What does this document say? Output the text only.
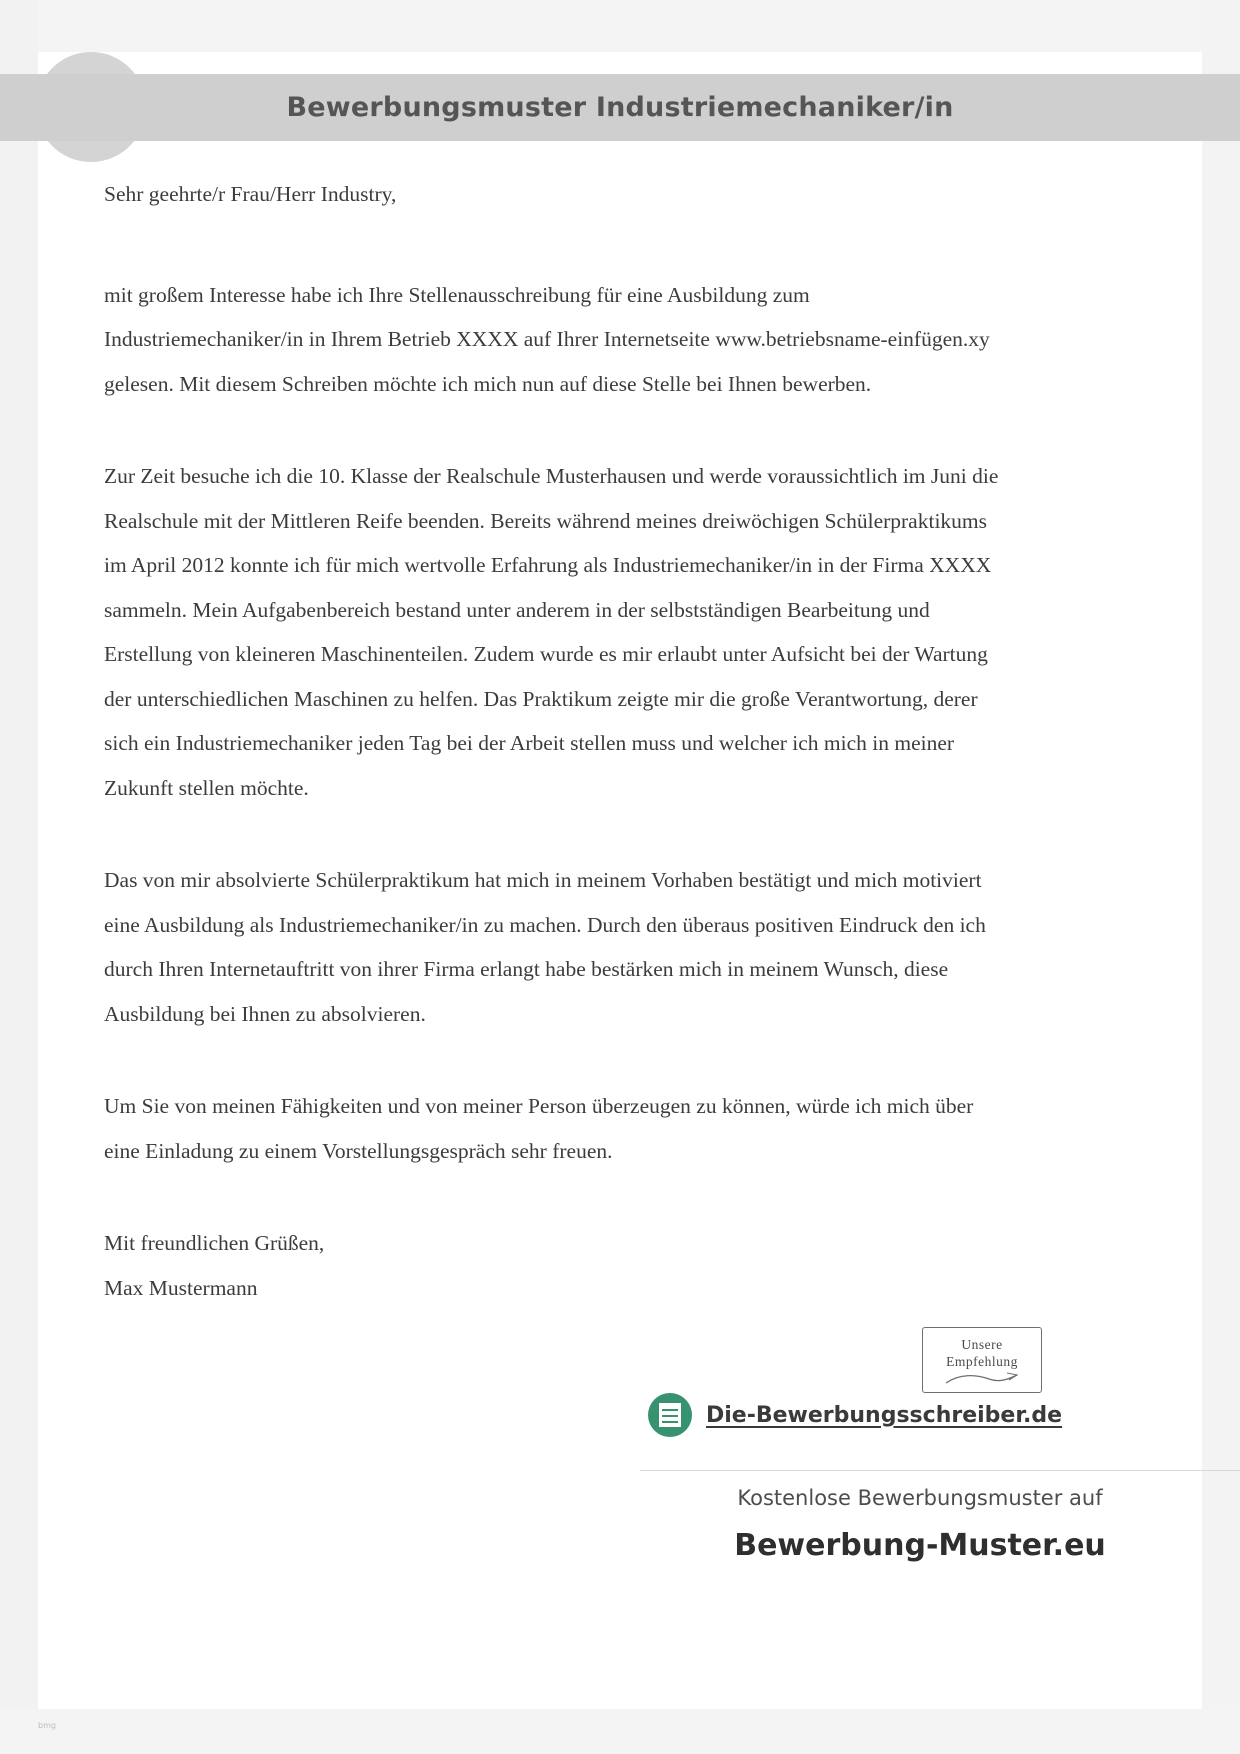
Bewerbungsmuster Industriemechaniker/in

Sehr geehrte/r Frau/Herr Industry,

mit großem Interesse habe ich Ihre Stellenausschreibung für eine Ausbildung zum Industriemechaniker/in in Ihrem Betrieb XXXX auf Ihrer Internetseite www.betriebsname-einfügen.xy gelesen. Mit diesem Schreiben möchte ich mich nun auf diese Stelle bei Ihnen bewerben.

Zur Zeit besuche ich die 10. Klasse der Realschule Musterhausen und werde voraussichtlich im Juni die Realschule mit der Mittleren Reife beenden. Bereits während meines dreiwöchigen Schülerpraktikums im April 2012 konnte ich für mich wertvolle Erfahrung als Industriemechaniker/in in der Firma XXXX sammeln. Mein Aufgabenbereich bestand unter anderem in der selbstständigen Bearbeitung und Erstellung von kleineren Maschinenteilen. Zudem wurde es mir erlaubt unter Aufsicht bei der Wartung der unterschiedlichen Maschinen zu helfen. Das Praktikum zeigte mir die große Verantwortung, derer sich ein Industriemechaniker jeden Tag bei der Arbeit stellen muss und welcher ich mich in meiner Zukunft stellen möchte.

Das von mir absolvierte Schülerpraktikum hat mich in meinem Vorhaben bestätigt und mich motiviert eine Ausbildung als Industriemechaniker/in zu machen. Durch den überaus positiven Eindruck den ich durch Ihren Internetauftritt von ihrer Firma erlangt habe bestärken mich in meinem Wunsch, diese Ausbildung bei Ihnen zu absolvieren.

Um Sie von meinen Fähigkeiten und von meiner Person überzeugen zu können, würde ich mich über eine Einladung zu einem Vorstellungsgespräch sehr freuen.

Mit freundlichen Grüßen,

Max Mustermann

Unsere
Empfehlung
Die-Bewerbungsschreiber.de
Kostenlose Bewerbungsmuster auf
Bewerbung-Muster.eu
bmg
